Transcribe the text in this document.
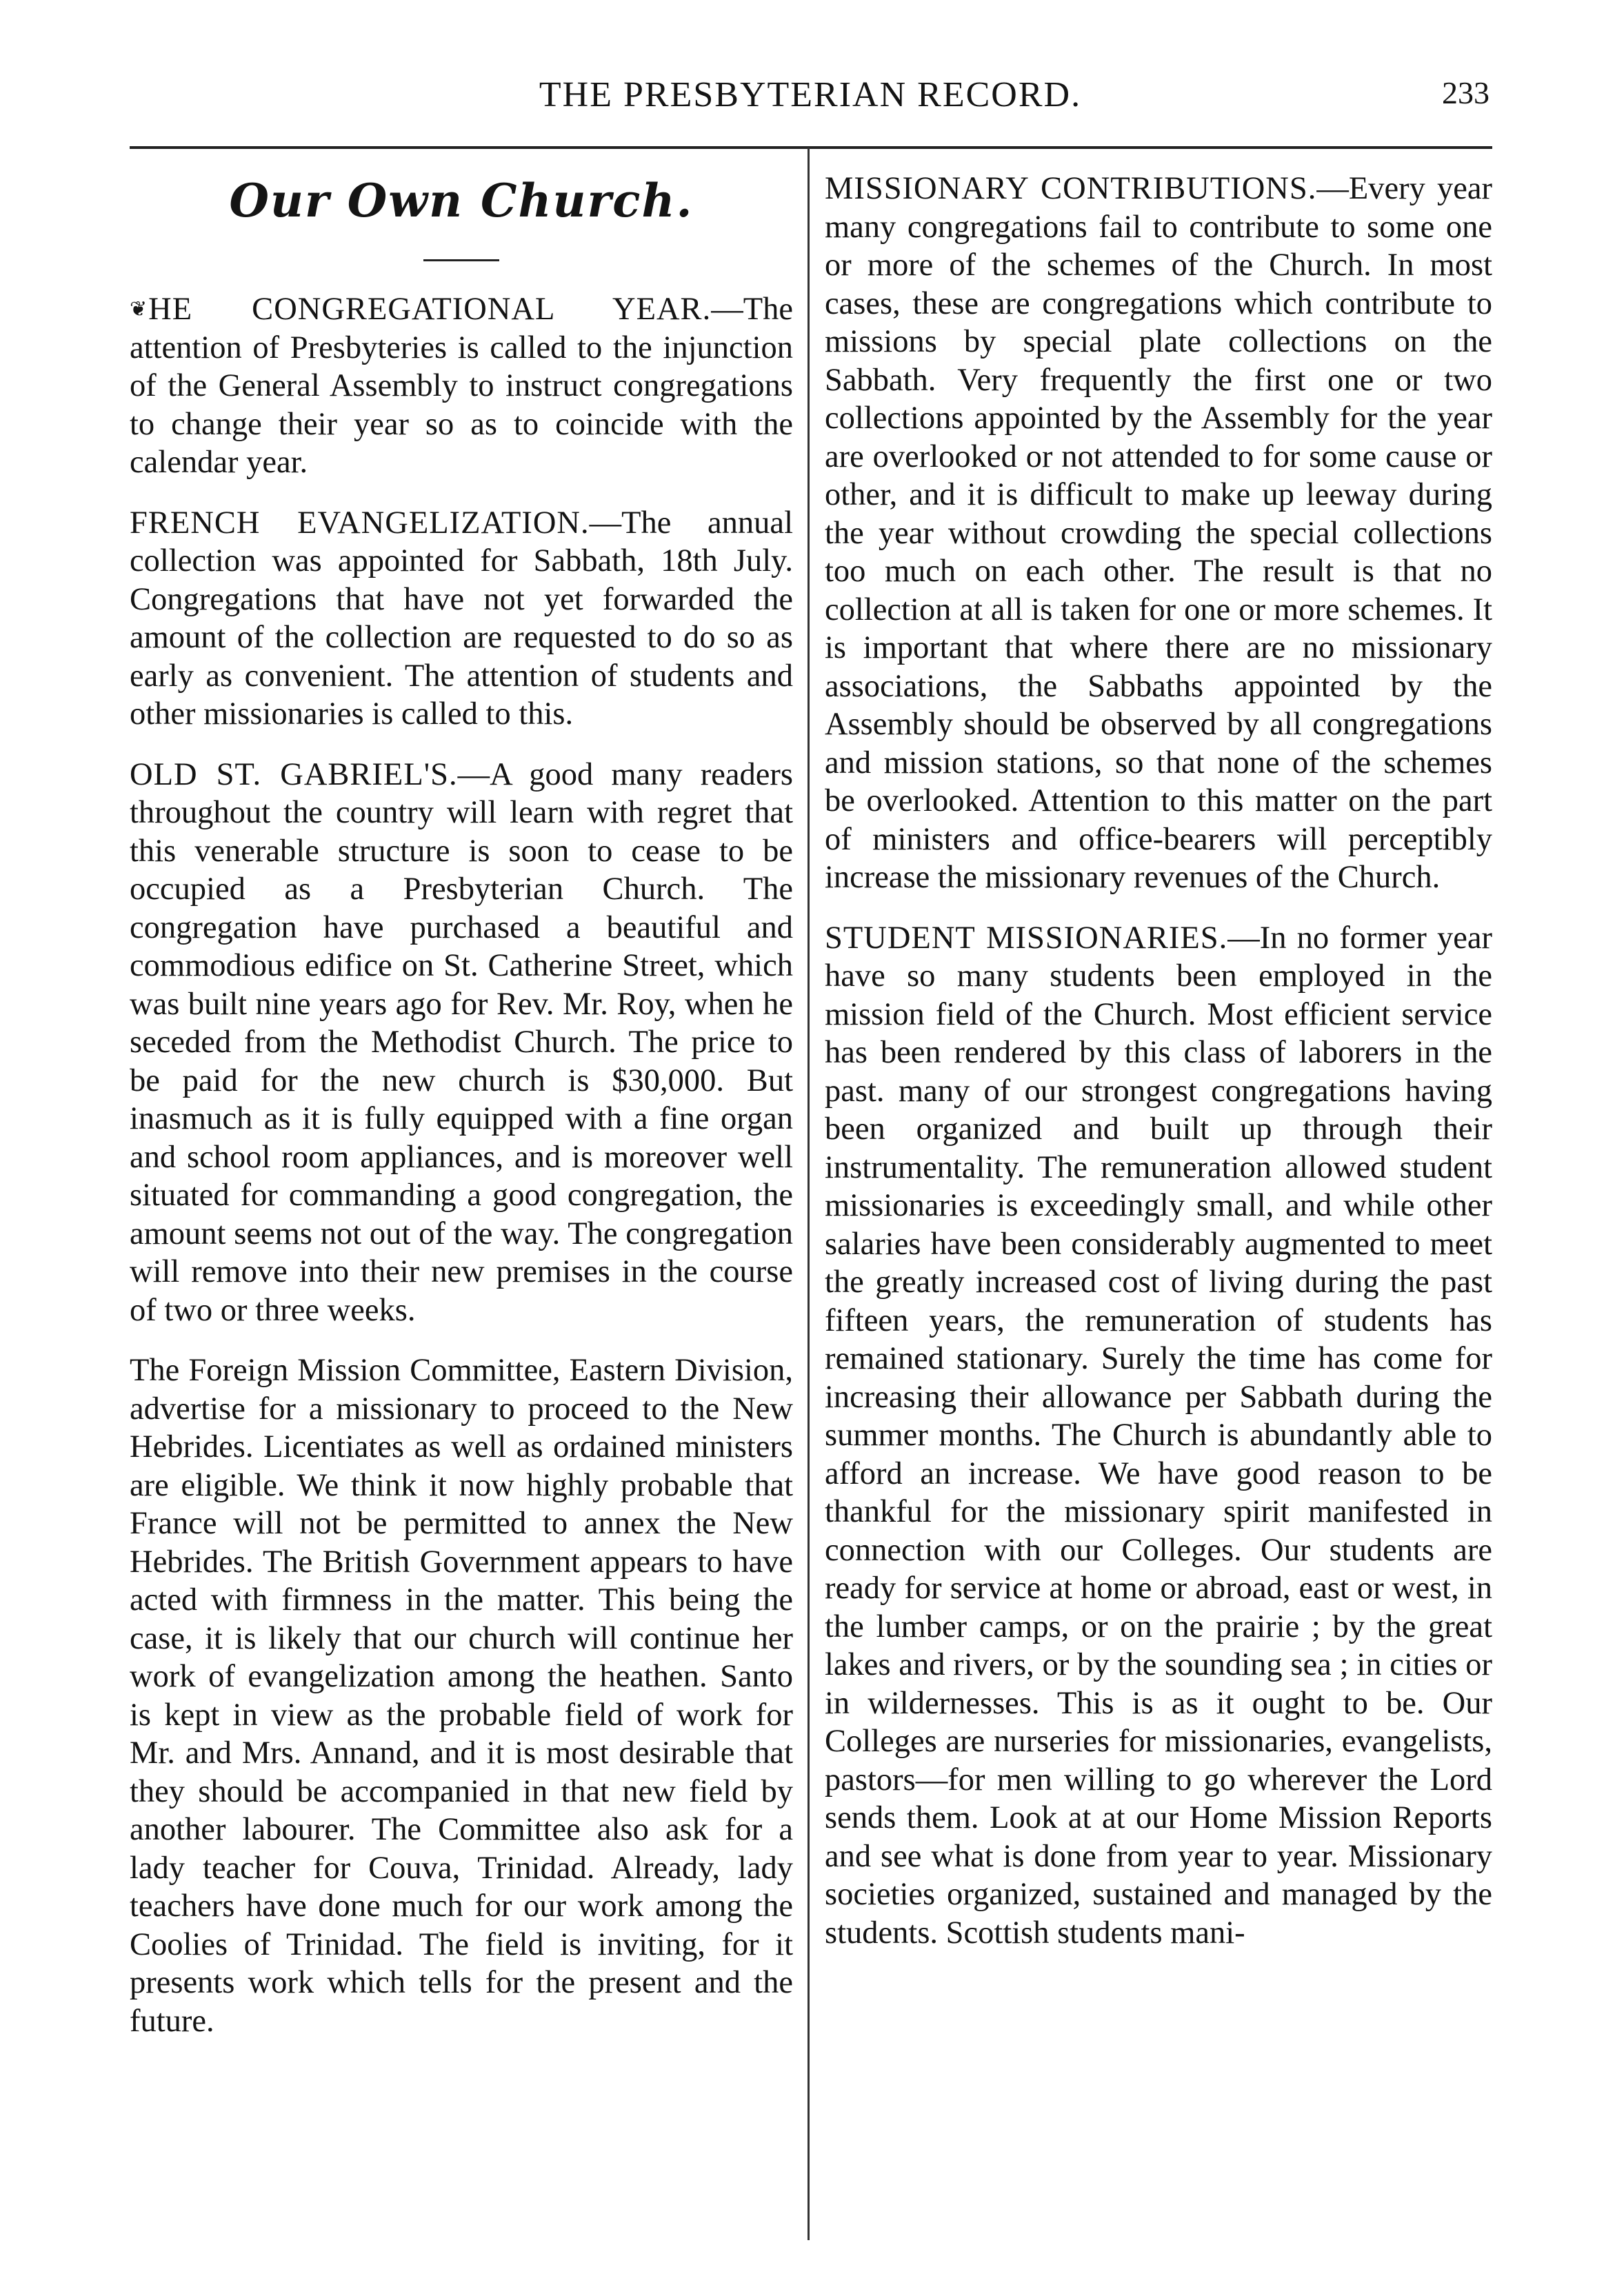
THE PRESBYTERIAN RECORD.	233
Our Own Church.

❦HE CONGREGATIONAL YEAR.—The attention of Presbyteries is called to the injunction of the General Assembly to instruct congregations to change their year so as to coincide with the calendar year.

FRENCH EVANGELIZATION.—The annual collection was appointed for Sabbath, 18th July. Congregations that have not yet forwarded the amount of the collection are requested to do so as early as convenient. The attention of students and other missionaries is called to this.

OLD ST. GABRIEL'S.—A good many readers throughout the country will learn with regret that this venerable structure is soon to cease to be occupied as a Presbyterian Church. The congregation have purchased a beautiful and commodious edifice on St. Catherine Street, which was built nine years ago for Rev. Mr. Roy, when he seceded from the Methodist Church. The price to be paid for the new church is $30,000. But inasmuch as it is fully equipped with a fine organ and school room appliances, and is moreover well situated for commanding a good congregation, the amount seems not out of the way. The congregation will remove into their new premises in the course of two or three weeks.

The Foreign Mission Committee, Eastern Division, advertise for a missionary to proceed to the New Hebrides. Licentiates as well as ordained ministers are eligible. We think it now highly probable that France will not be permitted to annex the New Hebrides. The British Government appears to have acted with firmness in the matter. This being the case, it is likely that our church will continue her work of evangelization among the heathen. Santo is kept in view as the probable field of work for Mr. and Mrs. Annand, and it is most desirable that they should be accompanied in that new field by another labourer. The Committee also ask for a lady teacher for Couva, Trinidad. Already, lady teachers have done much for our work among the Coolies of Trinidad. The field is inviting, for it presents work which tells for the present and the future.

MISSIONARY CONTRIBUTIONS.—Every year many congregations fail to contribute to some one or more of the schemes of the Church. In most cases, these are congregations which contribute to missions by special plate collections on the Sabbath. Very frequently the first one or two collections appointed by the Assembly for the year are overlooked or not attended to for some cause or other, and it is difficult to make up leeway during the year without crowding the special collections too much on each other. The result is that no collection at all is taken for one or more schemes. It is important that where there are no missionary associations, the Sabbaths appointed by the Assembly should be observed by all congregations and mission stations, so that none of the schemes be overlooked. Attention to this matter on the part of ministers and office-bearers will perceptibly increase the missionary revenues of the Church.

STUDENT MISSIONARIES.—In no former year have so many students been employed in the mission field of the Church. Most efficient service has been rendered by this class of laborers in the past. many of our strongest congregations having been organized and built up through their instrumentality. The remuneration allowed student missionaries is exceedingly small, and while other salaries have been considerably augmented to meet the greatly increased cost of living during the past fifteen years, the remuneration of students has remained stationary. Surely the time has come for increasing their allowance per Sabbath during the summer months. The Church is abundantly able to afford an increase. We have good reason to be thankful for the missionary spirit manifested in connection with our Colleges. Our students are ready for service at home or abroad, east or west, in the lumber camps, or on the prairie ; by the great lakes and rivers, or by the sounding sea ; in cities or in wildernesses. This is as it ought to be. Our Colleges are nurseries for missionaries, evangelists, pastors—for men willing to go wherever the Lord sends them. Look at at our Home Mission Reports and see what is done from year to year. Missionary societies organized, sustained and managed by the students. Scottish students mani-
